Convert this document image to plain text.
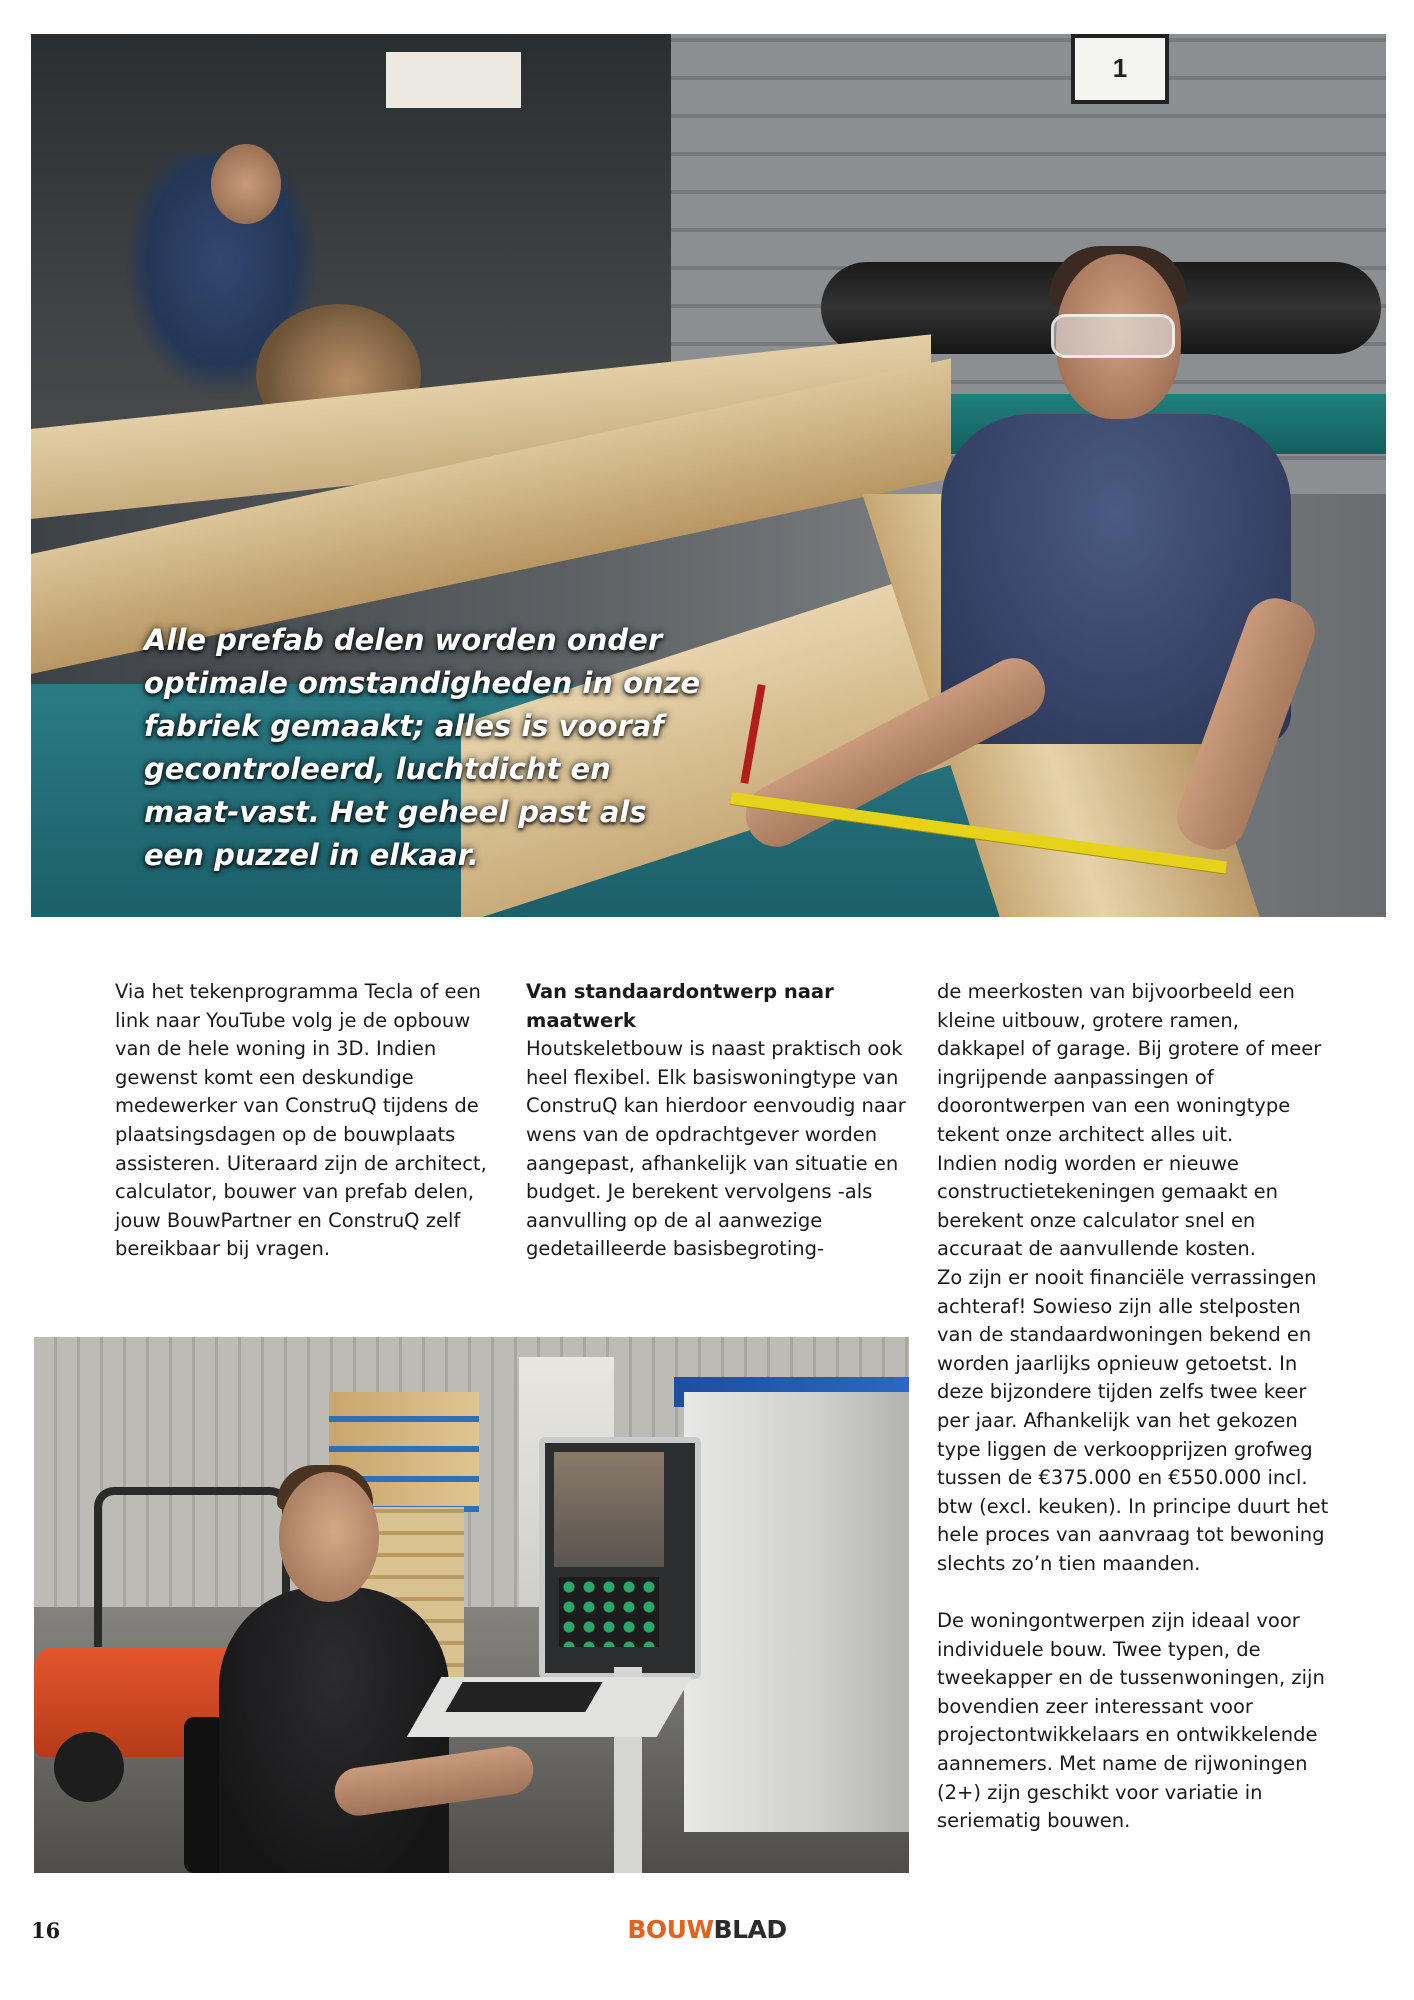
1

Alle prefab delen worden onder optimale omstandigheden in onze fabriek gemaakt; alles is vooraf gecontroleerd, luchtdicht en maat-vast. Het geheel past als een puzzel in elkaar.

Via het tekenprogramma Tecla of een link naar YouTube volg je de opbouw van de hele woning in 3D. Indien gewenst komt een deskundige medewerker van ConstruQ tijdens de plaatsingsdagen op de bouwplaats assisteren. Uiteraard zijn de architect, calculator, bouwer van prefab delen, jouw BouwPartner en ConstruQ zelf bereikbaar bij vragen.

Van standaardontwerp naar maatwerk

Houtskeletbouw is naast praktisch ook heel flexibel. Elk basiswoningtype van ConstruQ kan hierdoor eenvoudig naar wens van de opdrachtgever worden aangepast, afhankelijk van situatie en budget. Je berekent vervolgens -als aanvulling op de al aanwezige gedetailleerde basisbegroting-

de meerkosten van bijvoorbeeld een kleine uitbouw, grotere ramen, dakkapel of garage. Bij grotere of meer ingrijpende aanpassingen of doorontwerpen van een woningtype tekent onze architect alles uit.

Indien nodig worden er nieuwe constructietekeningen gemaakt en berekent onze calculator snel en accuraat de aanvullende kosten.

Zo zijn er nooit financiële verrassingen achteraf! Sowieso zijn alle stelposten van de standaardwoningen bekend en worden jaarlijks opnieuw getoetst. In deze bijzondere tijden zelfs twee keer per jaar. Afhankelijk van het gekozen type liggen de verkoopprijzen grofweg tussen de €375.000 en €550.000 incl. btw (excl. keuken). In principe duurt het hele proces van aanvraag tot bewoning slechts zo’n tien maanden.

De woningontwerpen zijn ideaal voor individuele bouw. Twee typen, de tweekapper en de tussenwoningen, zijn bovendien zeer interessant voor projectontwikkelaars en ontwikkelende aannemers. Met name de rijwoningen (2+) zijn geschikt voor variatie in seriematig bouwen.

16	BOUWBLAD
